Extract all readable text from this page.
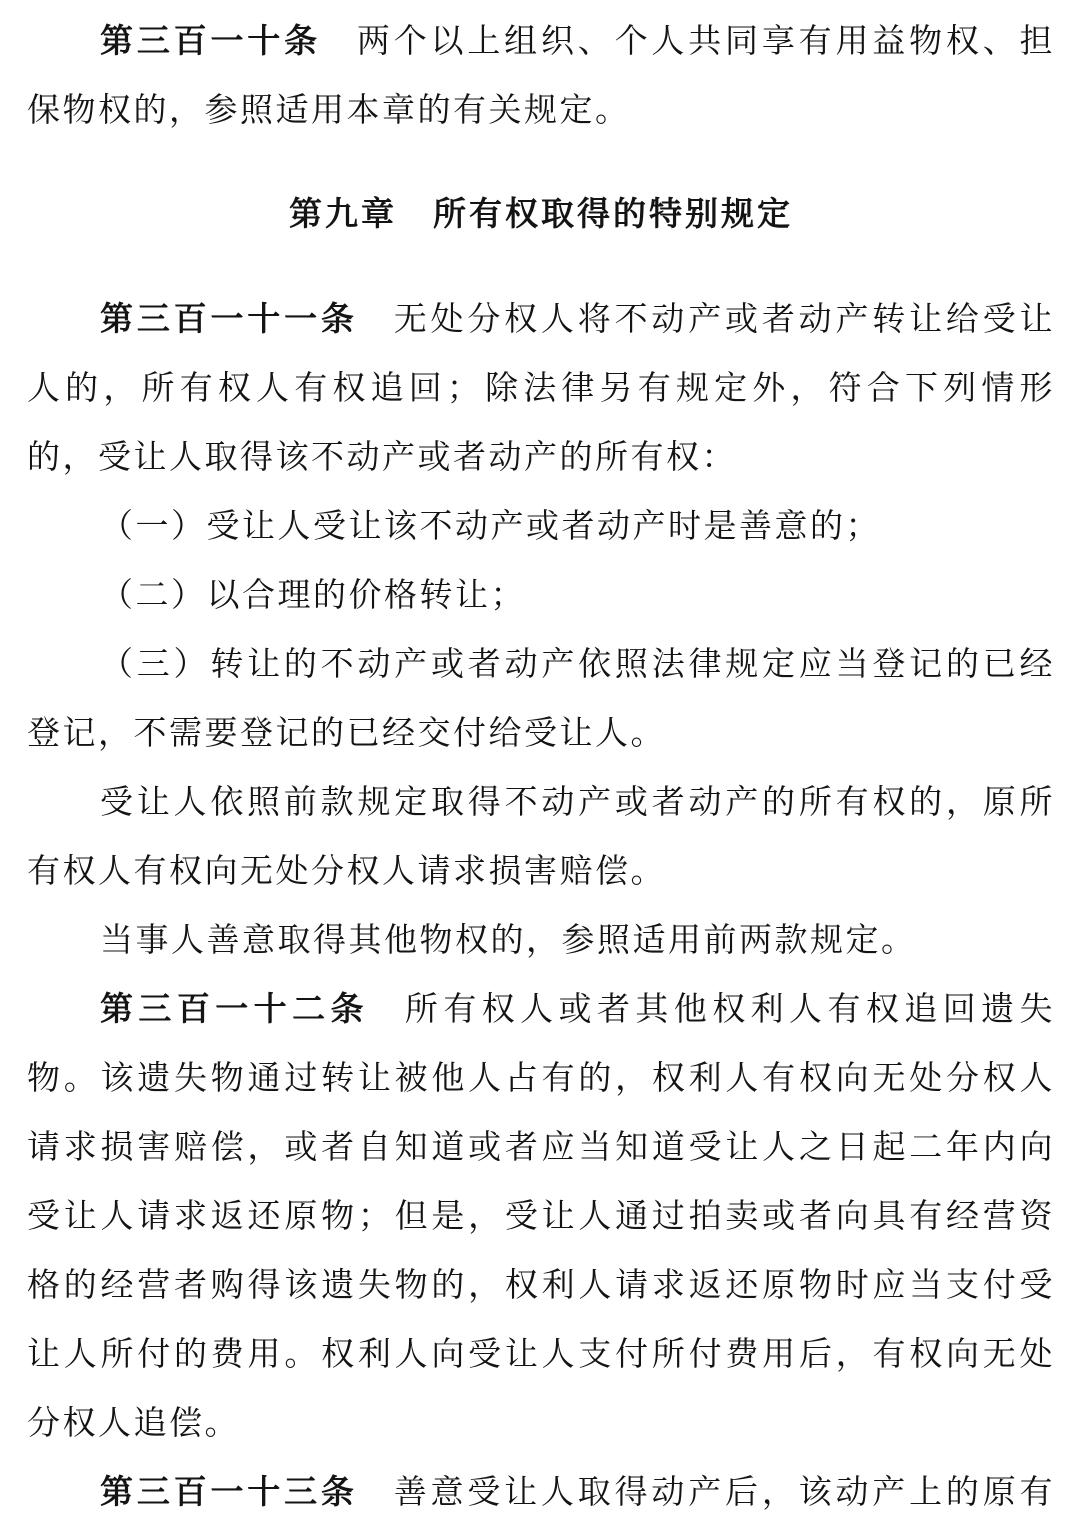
第三百一十条 两个以上组织、个人共同享有用益物权、担
保物权的，参照适用本章的有关规定。
第九章　所有权取得的特别规定
第三百一十一条 无处分权人将不动产或者动产转让给受让
人的，所有权人有权追回；除法律另有规定外，符合下列情形
的，受让人取得该不动产或者动产的所有权：
（一）受让人受让该不动产或者动产时是善意的；
（二）以合理的价格转让；
（三）转让的不动产或者动产依照法律规定应当登记的已经
登记，不需要登记的已经交付给受让人。
受让人依照前款规定取得不动产或者动产的所有权的，原所
有权人有权向无处分权人请求损害赔偿。
当事人善意取得其他物权的，参照适用前两款规定。
第三百一十二条 所有权人或者其他权利人有权追回遗失
物。该遗失物通过转让被他人占有的，权利人有权向无处分权人
请求损害赔偿，或者自知道或者应当知道受让人之日起二年内向
受让人请求返还原物；但是，受让人通过拍卖或者向具有经营资
格的经营者购得该遗失物的，权利人请求返还原物时应当支付受
让人所付的费用。权利人向受让人支付所付费用后，有权向无处
分权人追偿。
第三百一十三条 善意受让人取得动产后，该动产上的原有
